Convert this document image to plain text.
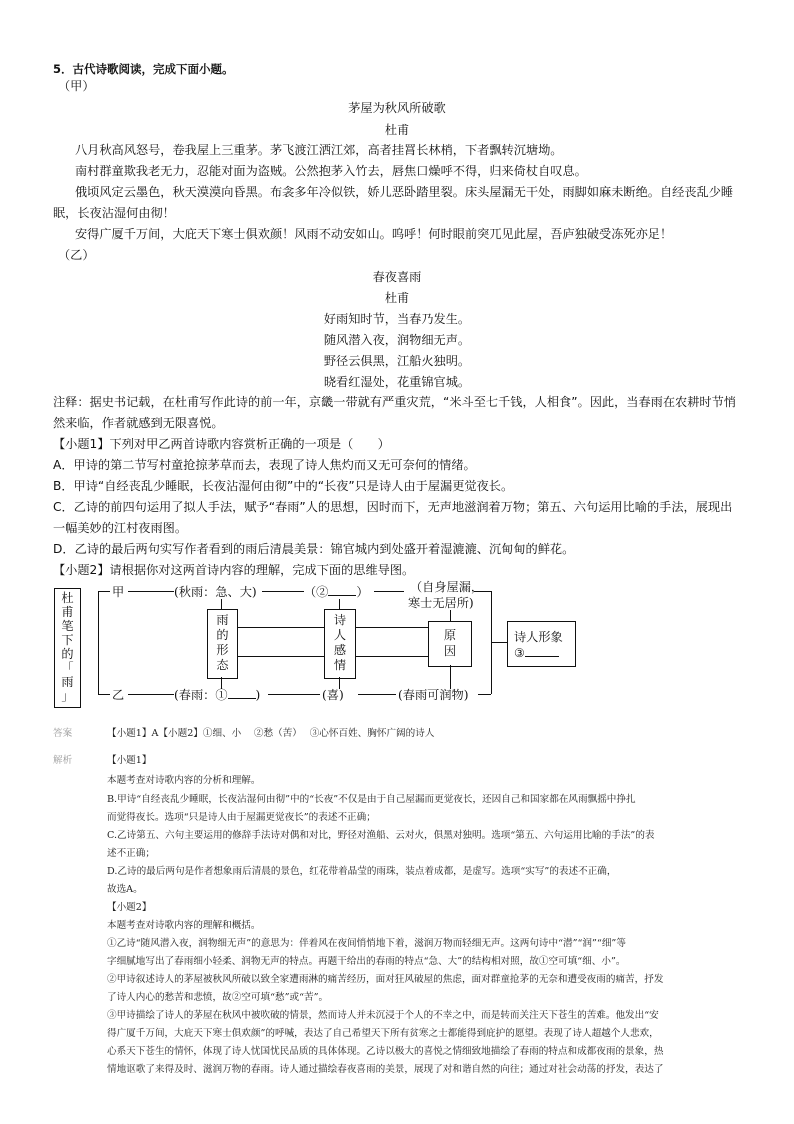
5．古代诗歌阅读，完成下面小题。
（甲）
茅屋为秋风所破歌
杜甫
八月秋高风怒号，卷我屋上三重茅。茅飞渡江洒江郊，高者挂罥长林梢，下者飘转沉塘坳。
南村群童欺我老无力，忍能对面为盗贼。公然抱茅入竹去，唇焦口燥呼不得，归来倚杖自叹息。
俄顷风定云墨色，秋天漠漠向昏黑。布衾多年冷似铁，娇儿恶卧踏里裂。床头屋漏无干处，雨脚如麻未断绝。自经丧乱少睡
眠，长夜沾湿何由彻！
安得广厦千万间，大庇天下寒士俱欢颜！风雨不动安如山。呜呼！何时眼前突兀见此屋，吾庐独破受冻死亦足！
（乙）
春夜喜雨
杜甫
好雨知时节，当春乃发生。
随风潜入夜，润物细无声。
野径云俱黑，江船火独明。
晓看红湿处，花重锦官城。
注释：据史书记载，在杜甫写作此诗的前一年，京畿一带就有严重灾荒，“米斗至七千钱，人相食”。因此，当春雨在农耕时节悄
然来临，作者就感到无限喜悦。
【小题1】下列对甲乙两首诗歌内容赏析正确的一项是（　　）
A．甲诗的第二节写村童抢掠茅草而去，表现了诗人焦灼而又无可奈何的情绪。
B．甲诗“自经丧乱少睡眠，长夜沾湿何由彻”中的“长夜”只是诗人由于屋漏更觉夜长。
C．乙诗的前四句运用了拟人手法，赋予“春雨”人的思想，因时而下，无声地滋润着万物；第五、六句运用比喻的手法，展现出
一幅美妙的江村夜雨图。
D．乙诗的最后两句实写作者看到的雨后清晨美景：锦官城内到处盛开着湿漉漉、沉甸甸的鲜花。
【小题2】请根据你对这两首诗内容的理解，完成下面的思维导图。
杜
甫
笔
下
的
「
雨
」
甲	(秋雨：急、大)	（② ）	（自身屋漏，
寒士无居所)
雨
的
形
态
诗
人
感
情
原
因
诗人形象
③
乙	(春雨：① )	(喜)	(春雨可润物)
答案	【小题1】A【小题2】①细、小　 ②愁（苦）　 ③心怀百姓、胸怀广阔的诗人
解析	【小题1】
本题考查对诗歌内容的分析和理解。
B.甲诗“自经丧乱少睡眠，长夜沾湿何由彻”中的“长夜”不仅是由于自己屋漏而更觉夜长，还因自己和国家都在风雨飘摇中挣扎
而觉得夜长。选项“只是诗人由于屋漏更觉夜长”的表述不正确；
C.乙诗第五、六句主要运用的修辞手法诗对偶和对比，野径对渔船、云对火，俱黑对独明。选项“第五、六句运用比喻的手法”的表
述不正确；
D.乙诗的最后两句是作者想象雨后清晨的景色，红花带着晶莹的雨珠，装点着成都，是虚写。选项“实写”的表述不正确，
故选A。
【小题2】
本题考查对诗歌内容的理解和概括。
①乙诗“随风潜入夜，润物细无声”的意思为：伴着风在夜间悄悄地下着，滋润万物而轻细无声。这两句诗中“潜”“润”“细”等
字细腻地写出了春雨细小轻柔、润物无声的特点。再题干给出的春雨的特点“急、大”的结构相对照，故①空可填“细、小”。
②甲诗叙述诗人的茅屋被秋风所破以致全家遭雨淋的痛苦经历，面对狂风破屋的焦虑，面对群童抢茅的无奈和遭受夜雨的痛苦，抒发
了诗人内心的愁苦和悲愤，故②空可填“愁”或“苦”。
③甲诗描绘了诗人的茅屋在秋风中被吹破的情景，然而诗人并未沉浸于个人的不幸之中，而是转而关注天下苍生的苦难。他发出“安
得广厦千万间，大庇天下寒士俱欢颜”的呼喊，表达了自己希望天下所有贫寒之士都能得到庇护的愿望。表现了诗人超越个人悲欢，
心系天下苍生的情怀，体现了诗人忧国忧民品质的具体体现。乙诗以极大的喜悦之情细致地描绘了春雨的特点和成都夜雨的景象，热
情地讴歌了来得及时、滋润万物的春雨。诗人通过描绘春夜喜雨的美景，展现了对和谐自然的向往；通过对社会动荡的抒发，表达了
